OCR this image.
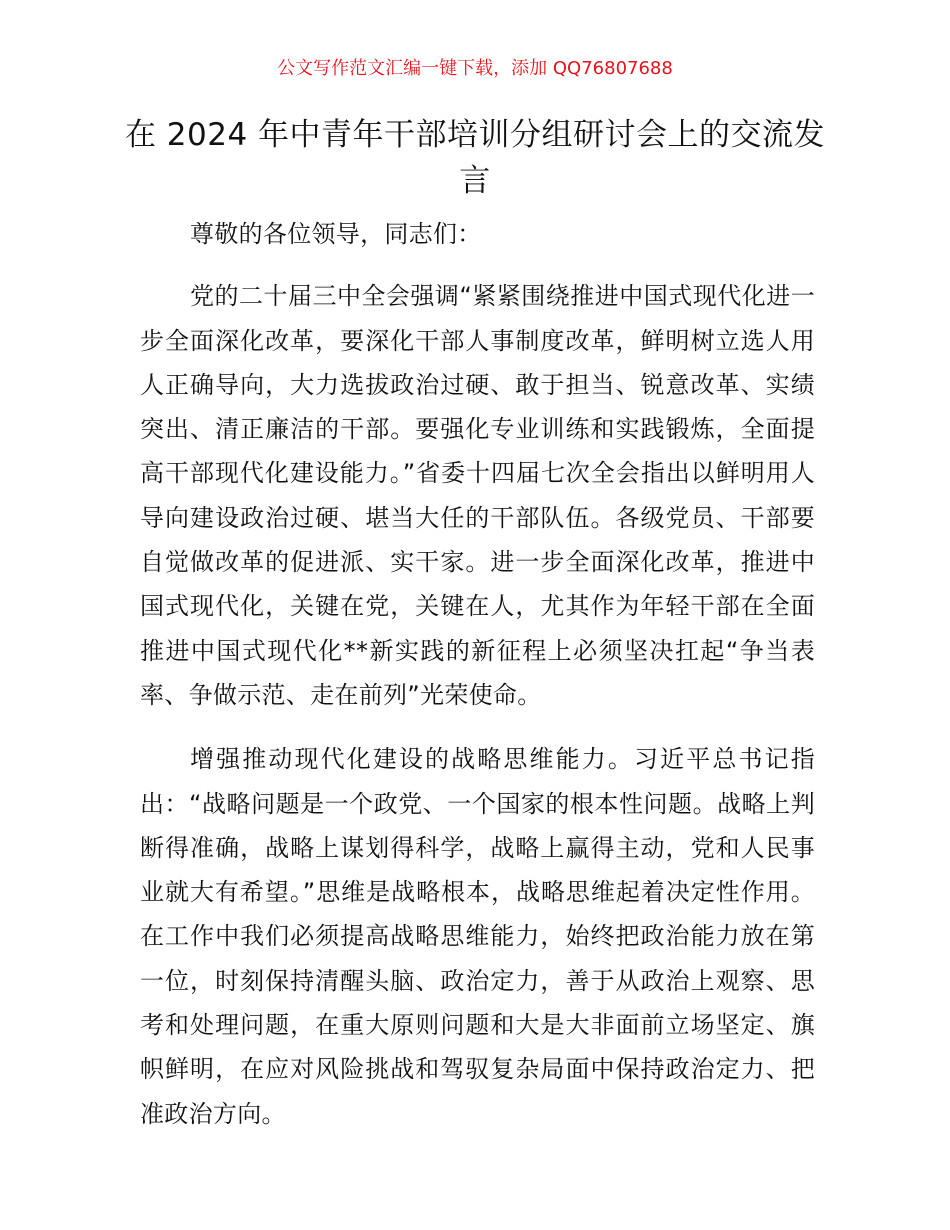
公文写作范文汇编一键下载，添加 QQ76807688
在 2024 年中青年干部培训分组研讨会上的交流发言

尊敬的各位领导，同志们：

党的二十届三中全会强调“紧紧围绕推进中国式现代化进一步全面深化改革，要深化干部人事制度改革，鲜明树立选人用人正确导向，大力选拔政治过硬、敢于担当、锐意改革、实绩突出、清正廉洁的干部。要强化专业训练和实践锻炼，全面提高干部现代化建设能力。”省委十四届七次全会指出以鲜明用人导向建设政治过硬、堪当大任的干部队伍。各级党员、干部要自觉做改革的促进派、实干家。进一步全面深化改革，推进中国式现代化，关键在党，关键在人，尤其作为年轻干部在全面推进中国式现代化**新实践的新征程上必须坚决扛起“争当表率、争做示范、走在前列”光荣使命。

增强推动现代化建设的战略思维能力。习近平总书记指出：“战略问题是一个政党、一个国家的根本性问题。战略上判断得准确，战略上谋划得科学，战略上赢得主动，党和人民事业就大有希望。”思维是战略根本，战略思维起着决定性作用。在工作中我们必须提高战略思维能力，始终把政治能力放在第一位，时刻保持清醒头脑、政治定力，善于从政治上观察、思考和处理问题，在重大原则问题和大是大非面前立场坚定、旗帜鲜明，在应对风险挑战和驾驭复杂局面中保持政治定力、把准政治方向。
